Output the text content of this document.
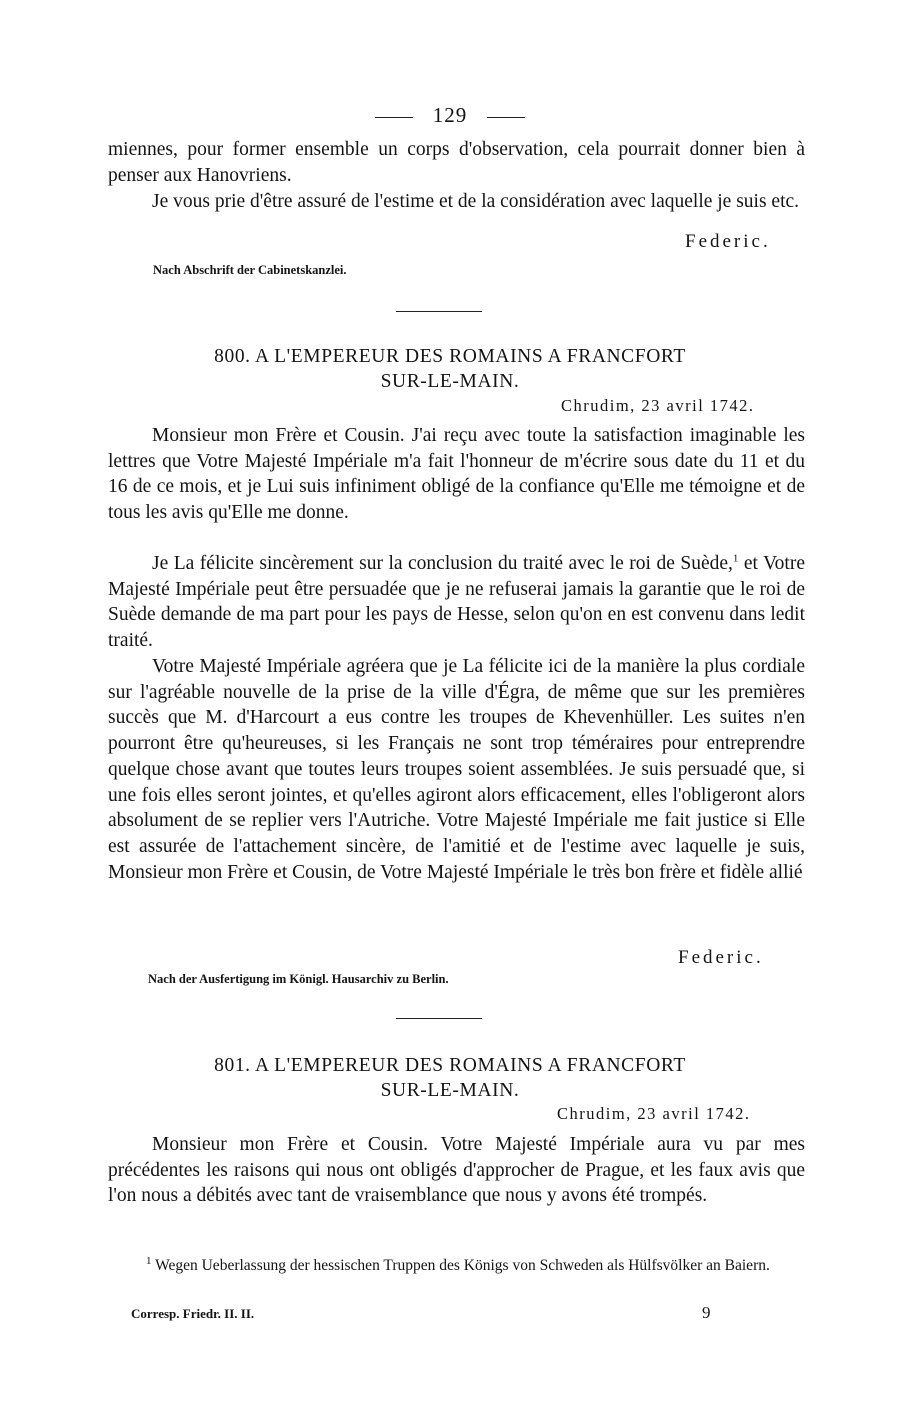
129

miennes, pour former ensemble un corps d'observation, cela pourrait donner bien à penser aux Hanovriens.

Je vous prie d'être assuré de l'estime et de la considération avec laquelle je suis etc.

Federic.
Nach Abschrift der Cabinetskanzlei.
800. A L'EMPEREUR DES ROMAINS A FRANCFORT
SUR-LE-MAIN.
Chrudim, 23 avril 1742.

Monsieur mon Frère et Cousin. J'ai reçu avec toute la satisfaction imaginable les lettres que Votre Majesté Impériale m'a fait l'honneur de m'écrire sous date du 11 et du 16 de ce mois, et je Lui suis infiniment obligé de la confiance qu'Elle me témoigne et de tous les avis qu'Elle me donne.

Je La félicite sincèrement sur la conclusion du traité avec le roi de Suède,$^1$ et Votre Majesté Impériale peut être persuadée que je ne refuserai jamais la garantie que le roi de Suède demande de ma part pour les pays de Hesse, selon qu'on en est convenu dans ledit traité.

Votre Majesté Impériale agréera que je La félicite ici de la manière la plus cordiale sur l'agréable nouvelle de la prise de la ville d'Égra, de même que sur les premières succès que M. d'Harcourt a eus contre les troupes de Khevenhüller. Les suites n'en pourront être qu'heureuses, si les Français ne sont trop téméraires pour entreprendre quelque chose avant que toutes leurs troupes soient assemblées. Je suis persuadé que, si une fois elles seront jointes, et qu'elles agiront alors efficacement, elles l'obligeront alors absolument de se replier vers l'Autriche. Votre Majesté Impériale me fait justice si Elle est assurée de l'attachement sincère, de l'amitié et de l'estime avec laquelle je suis, Monsieur mon Frère et Cousin, de Votre Majesté Impériale le très bon frère et fidèle allié

Federic.
Nach der Ausfertigung im Königl. Hausarchiv zu Berlin.
801. A L'EMPEREUR DES ROMAINS A FRANCFORT
SUR-LE-MAIN.
Chrudim, 23 avril 1742.

Monsieur mon Frère et Cousin. Votre Majesté Impériale aura vu par mes précédentes les raisons qui nous ont obligés d'approcher de Prague, et les faux avis que l'on nous a débités avec tant de vraisemblance que nous y avons été trompés.

$^1$ Wegen Ueberlassung der hessischen Truppen des Königs von Schweden als Hülfsvölker an Baiern.

Corresp. Friedr. II. II.	9
